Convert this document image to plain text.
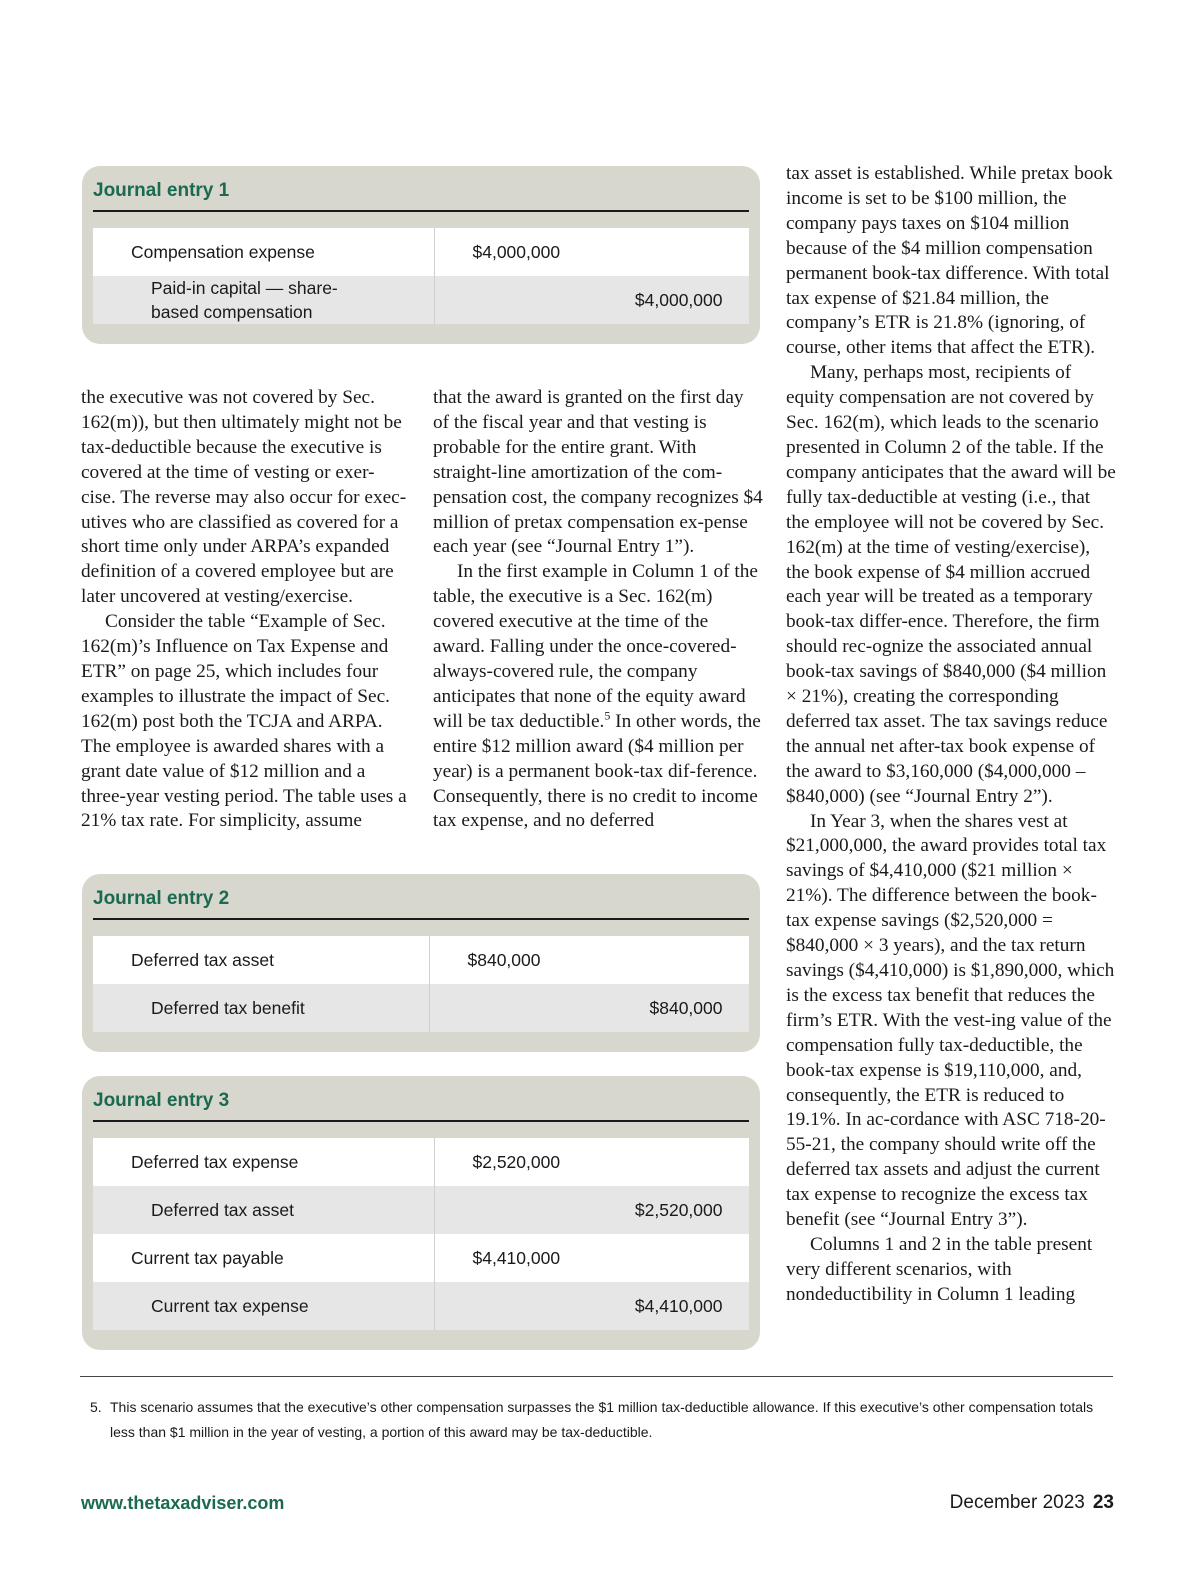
Journal entry 1
Compensation expense	$4,000,000	

Paid-in capital — share-
based compensation		$4,000,000
Journal entry 2
Deferred tax asset	$840,000	
Deferred tax benefit		$840,000
Journal entry 3
Deferred tax expense	$2,520,000	
Deferred tax asset		$2,520,000
Current tax payable	$4,410,000	
Current tax expense		$4,410,000

the executive was not covered by Sec. 162(m)), but then ultimately might not be tax-deductible because the executive is covered at the time of vesting or exer-cise. The reverse may also occur for exec-utives who are classified as covered for a short time only under ARPA’s expanded definition of a covered employee but are later uncovered at vesting/exercise.

Consider the table “Example of Sec. 162(m)’s Influence on Tax Expense and ETR” on page 25, which includes four examples to illustrate the impact of Sec. 162(m) post both the TCJA and ARPA. The employee is awarded shares with a grant date value of $12 million and a three-year vesting period. The table uses a 21% tax rate. For simplicity, assume

that the award is granted on the first day of the fiscal year and that vesting is probable for the entire grant. With straight-line amortization of the com-pensation cost, the company recognizes $4 million of pretax compensation ex-pense each year (see “Journal Entry 1”).

In the first example in Column 1 of the table, the executive is a Sec. 162(m) covered executive at the time of the award. Falling under the once-covered-always-covered rule, the company anticipates that none of the equity award will be tax deductible.$^5$ In other words, the entire $12 million award ($4 million per year) is a permanent book-tax dif-ference. Consequently, there is no credit to income tax expense, and no deferred

tax asset is established. While pretax book income is set to be $100 million, the company pays taxes on $104 million because of the $4 million compensation permanent book-tax difference. With total tax expense of $21.84 million, the company’s ETR is 21.8% (ignoring, of course, other items that affect the ETR).

Many, perhaps most, recipients of equity compensation are not covered by Sec. 162(m), which leads to the scenario presented in Column 2 of the table. If the company anticipates that the award will be fully tax-deductible at vesting (i.e., that the employee will not be covered by Sec. 162(m) at the time of vesting/exercise), the book expense of $4 million accrued each year will be treated as a temporary book-tax differ-ence. Therefore, the firm should rec-ognize the associated annual book-tax savings of $840,000 ($4 million × 21%), creating the corresponding deferred tax asset. The tax savings reduce the annual net after-tax book expense of the award to $3,160,000 ($4,000,000 – $840,000) (see “Journal Entry 2”).

In Year 3, when the shares vest at $21,000,000, the award provides total tax savings of $4,410,000 ($21 million × 21%). The difference between the book-tax expense savings ($2,520,000 = $840,000 × 3 years), and the tax return savings ($4,410,000) is $1,890,000, which is the excess tax benefit that reduces the firm’s ETR. With the vest-ing value of the compensation fully tax-deductible, the book-tax expense is $19,110,000, and, consequently, the ETR is reduced to 19.1%. In ac-cordance with ASC 718-20-55-21, the company should write off the deferred tax assets and adjust the current tax expense to recognize the excess tax benefit (see “Journal Entry 3”).

Columns 1 and 2 in the table present very different scenarios, with nondeductibility in Column 1 leading

5. This scenario assumes that the executive’s other compensation surpasses the $1 million tax-deductible allowance. If this executive’s other compensation totals less than $1 million in the year of vesting, a portion of this award may be tax-deductible.
www.thetaxadviser.com	December 2023 23
